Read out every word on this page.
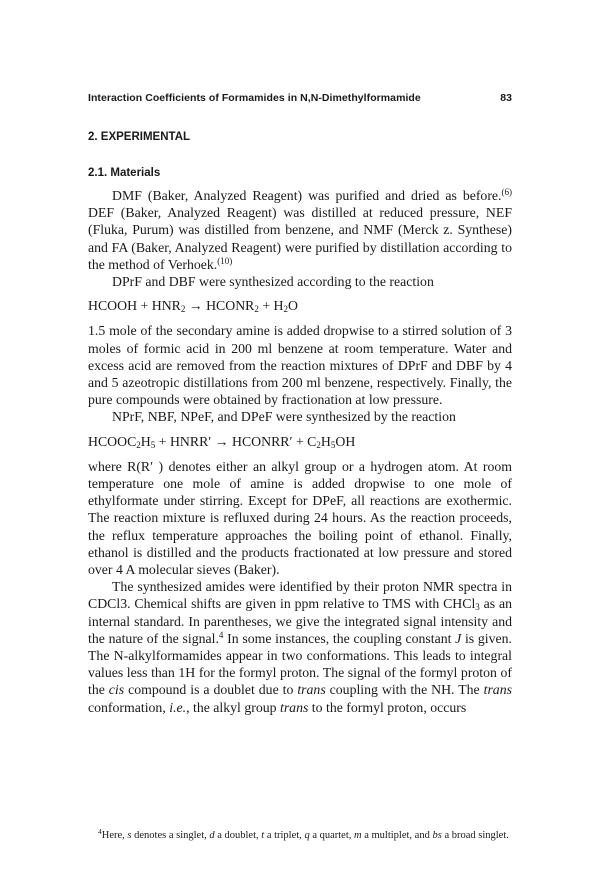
Interaction Coefficients of Formamides in N,N-Dimethylformamide	83
2. EXPERIMENTAL
2.1. Materials

DMF (Baker, Analyzed Reagent) was purified and dried as before.$^{(6)}$ DEF (Baker, Analyzed Reagent) was distilled at reduced pressure, NEF (Fluka, Purum) was distilled from benzene, and NMF (Merck z. Synthese) and FA (Baker, Analyzed Reagent) were purified by distillation according to the method of Verhoek.$^{(10)}$

DPrF and DBF were synthesized according to the reaction

HCOOH + $HNR_2$ → $HCONR_2 + H_2O$

1.5 mole of the secondary amine is added dropwise to a stirred solution of 3 moles of formic acid in 200 ml benzene at room temperature. Water and excess acid are removed from the reaction mixtures of DPrF and DBF by 4 and 5 azeotropic distillations from 200 ml benzene, respectively. Finally, the pure compounds were obtained by fractionation at low pressure.

NPrF, NBF, NPeF, and DPeF were synthesized by the reaction

$HCOOC_2H_5$ + HNRR′ → HCONRR′ + $C_2H_5OH$

where R(R′ ) denotes either an alkyl group or a hydrogen atom. At room temperature one mole of amine is added dropwise to one mole of ethylformate under stirring. Except for DPeF, all reactions are exothermic. The reaction mixture is refluxed during 24 hours. As the reaction proceeds, the reflux temperature approaches the boiling point of ethanol. Finally, ethanol is distilled and the products fractionated at low pressure and stored over 4 A molecular sieves (Baker).

The synthesized amides were identified by their proton NMR spectra in CDCl3. Chemical shifts are given in ppm relative to TMS with CHCl$_3$ as an internal standard. In parentheses, we give the integrated signal intensity and the nature of the signal.$^4$ In some instances, the coupling constant J is given. The N-alkylformamides appear in two conformations. This leads to integral values less than 1H for the formyl proton. The signal of the formyl proton of the cis compound is a doublet due to trans coupling with the NH. The trans conformation, i.e., the alkyl group trans to the formyl proton, occurs

$^4$Here, s denotes a singlet, d a doublet, t a triplet, q a quartet, m a multiplet, and bs a broad singlet.
